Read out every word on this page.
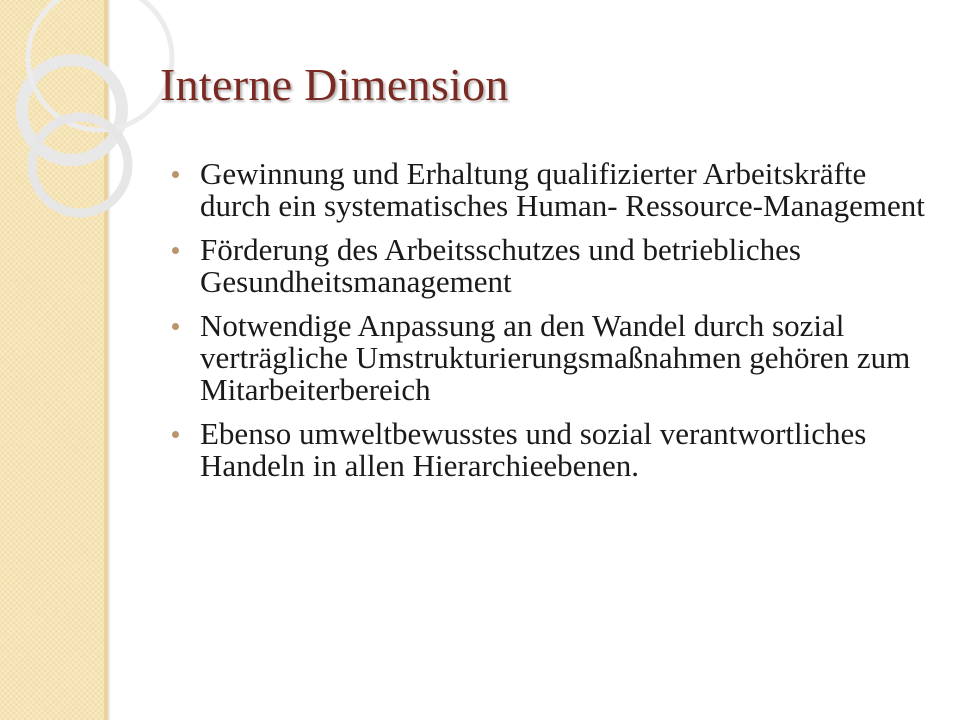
Interne Dimension
Gewinnung und Erhaltung qualifizierter Arbeitskräfte durch ein systematisches Human- Ressource-Management
Förderung des Arbeitsschutzes und betriebliches Gesundheitsmanagement
Notwendige Anpassung an den Wandel durch sozial verträgliche Umstrukturierungsmaßnahmen gehören zum Mitarbeiterbereich
Ebenso umweltbewusstes und sozial verantwortliches Handeln in allen Hierarchieebenen.
